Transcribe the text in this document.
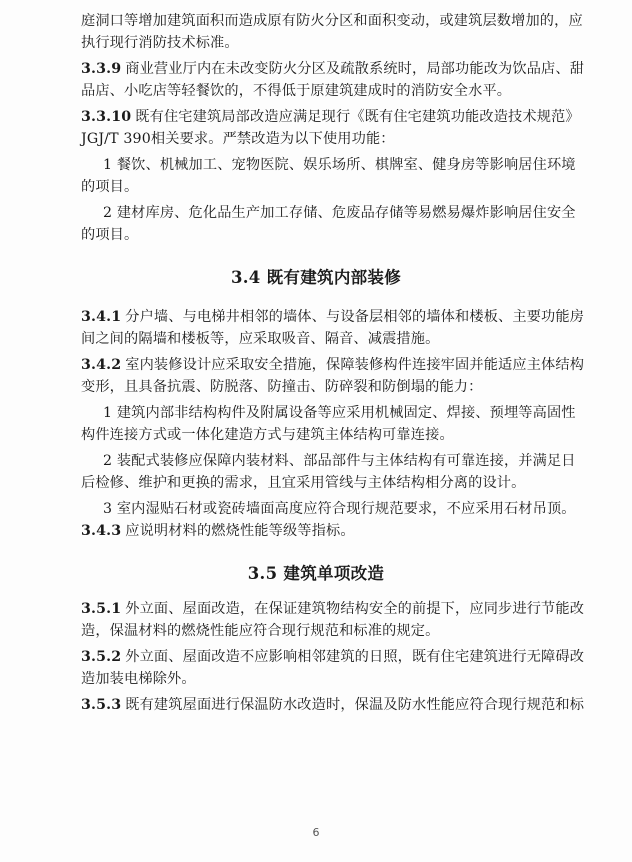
庭洞口等增加建筑面积而造成原有防火分区和面积变动，或建筑层数增加的，应
执行现行消防技术标准。
3.3.9 商业营业厅内在未改变防火分区及疏散系统时，局部功能改为饮品店、甜
品店、小吃店等轻餐饮的，不得低于原建筑建成时的消防安全水平。
3.3.10 既有住宅建筑局部改造应满足现行《既有住宅建筑功能改造技术规范》
JGJ/T 390相关要求。严禁改造为以下使用功能：
1 餐饮、机械加工、宠物医院、娱乐场所、棋牌室、健身房等影响居住环境
的项目。
2 建材库房、危化品生产加工存储、危废品存储等易燃易爆炸影响居住安全
的项目。
3.4 既有建筑内部装修
3.4.1 分户墙、与电梯井相邻的墙体、与设备层相邻的墙体和楼板、主要功能房
间之间的隔墙和楼板等，应采取吸音、隔音、减震措施。
3.4.2 室内装修设计应采取安全措施，保障装修构件连接牢固并能适应主体结构
变形，且具备抗震、防脱落、防撞击、防碎裂和防倒塌的能力：
1 建筑内部非结构构件及附属设备等应采用机械固定、焊接、预埋等高固性
构件连接方式或一体化建造方式与建筑主体结构可靠连接。
2 装配式装修应保障内装材料、部品部件与主体结构有可靠连接，并满足日
后检修、维护和更换的需求，且宜采用管线与主体结构相分离的设计。
3 室内湿贴石材或瓷砖墙面高度应符合现行规范要求，不应采用石材吊顶。
3.4.3 应说明材料的燃烧性能等级等指标。
3.5 建筑单项改造
3.5.1 外立面、屋面改造，在保证建筑物结构安全的前提下，应同步进行节能改
造，保温材料的燃烧性能应符合现行规范和标准的规定。
3.5.2 外立面、屋面改造不应影响相邻建筑的日照，既有住宅建筑进行无障碍改
造加装电梯除外。
3.5.3 既有建筑屋面进行保温防水改造时，保温及防水性能应符合现行规范和标
6
